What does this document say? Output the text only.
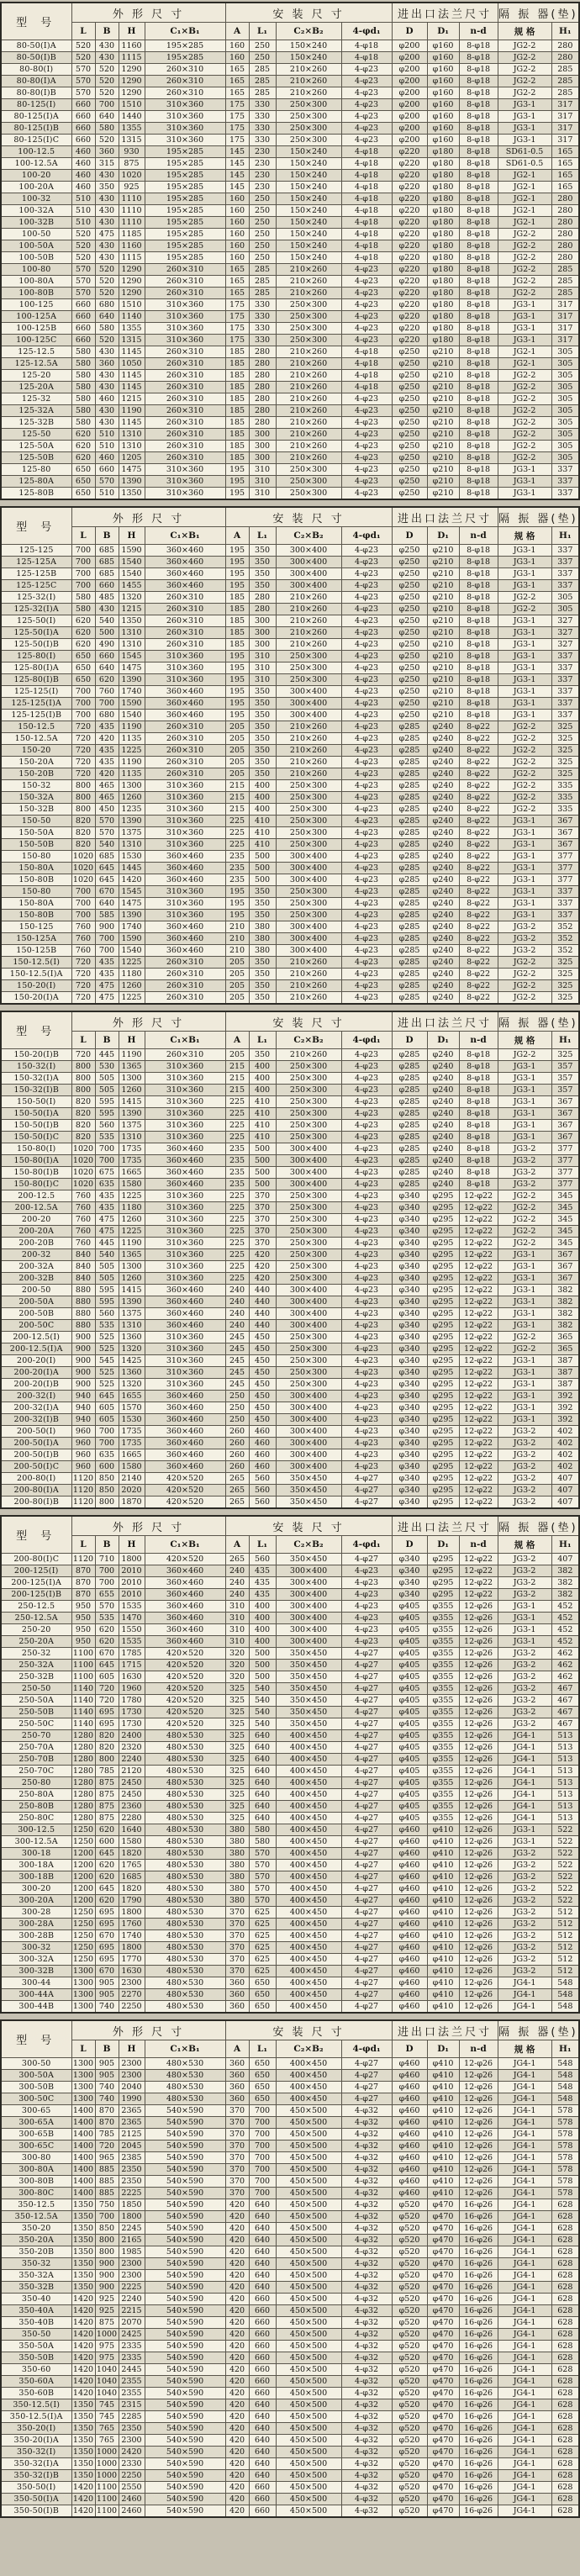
型 号	外 形 尺 寸				安 装 尺 寸				进出口法兰尺寸			隔 振 器(垫)	
	L	B	H	C₁×B₁	A	L₁	C₂×B₂	4-φd₁	D	D₁	n-d	规 格	H₁
80-50(I)A	520	430	1160	195×285	160	250	150×240	4-φ18	φ200	φ160	8-φ18	JG2-2	280
80-50(I)B	520	430	1115	195×285	160	250	150×240	4-φ18	φ200	φ160	8-φ18	JG2-2	280
80-80(I)	570	520	1290	260×310	165	285	210×260	4-φ23	φ200	φ160	8-φ18	JG2-2	285
80-80(I)A	570	520	1290	260×310	165	285	210×260	4-φ23	φ200	φ160	8-φ18	JG2-2	285
80-80(I)B	570	520	1290	260×310	165	285	210×260	4-φ23	φ200	φ160	8-φ18	JG2-2	285
80-125(I)	660	700	1510	310×360	175	330	250×300	4-φ23	φ200	φ160	8-φ18	JG3-1	317
80-125(I)A	660	640	1440	310×360	175	330	250×300	4-φ23	φ200	φ160	8-φ18	JG3-1	317
80-125(I)B	660	580	1355	310×360	175	330	250×300	4-φ23	φ200	φ160	8-φ18	JG3-1	317
80-125(I)C	660	520	1315	310×360	175	330	250×300	4-φ23	φ200	φ160	8-φ18	JG3-1	317
100-12.5	460	360	930	195×285	145	230	150×240	4-φ18	φ220	φ180	8-φ18	SD61-0.5	165
100-12.5A	460	315	875	195×285	145	230	150×240	4-φ18	φ220	φ180	8-φ18	SD61-0.5	165
100-20	460	430	1020	195×285	145	230	150×240	4-φ18	φ220	φ180	8-φ18	JG2-1	165
100-20A	460	350	925	195×285	145	230	150×240	4-φ18	φ220	φ180	8-φ18	JG2-1	165
100-32	510	430	1110	195×285	160	250	150×240	4-φ18	φ220	φ180	8-φ18	JG2-1	280
100-32A	510	430	1110	195×285	160	250	150×240	4-φ18	φ220	φ180	8-φ18	JG2-1	280
100-32B	510	430	1110	195×285	160	250	150×240	4-φ18	φ220	φ180	8-φ18	JG2-1	280
100-50	520	475	1185	195×285	160	250	150×240	4-φ18	φ220	φ180	8-φ18	JG2-2	280
100-50A	520	430	1160	195×285	160	250	150×240	4-φ18	φ220	φ180	8-φ18	JG2-2	280
100-50B	520	430	1115	195×285	160	250	150×240	4-φ18	φ220	φ180	8-φ18	JG2-2	280
100-80	570	520	1290	260×310	165	285	210×260	4-φ23	φ220	φ180	8-φ18	JG2-2	285
100-80A	570	520	1290	260×310	165	285	210×260	4-φ23	φ220	φ180	8-φ18	JG2-2	285
100-80B	570	520	1290	260×310	165	285	210×260	4-φ23	φ220	φ180	8-φ18	JG2-2	285
100-125	660	680	1510	310×360	175	330	250×300	4-φ23	φ220	φ180	8-φ18	JG3-1	317
100-125A	660	640	1140	310×360	175	330	250×300	4-φ23	φ220	φ180	8-φ18	JG3-1	317
100-125B	660	580	1355	310×360	175	330	250×300	4-φ23	φ220	φ180	8-φ18	JG3-1	317
100-125C	660	520	1315	310×360	175	330	250×300	4-φ23	φ220	φ180	8-φ18	JG3-1	317
125-12.5	580	430	1145	260×310	185	280	210×260	4-φ18	φ250	φ210	8-φ18	JG2-1	305
125-12.5A	580	360	1050	260×310	185	280	210×260	4-φ18	φ250	φ210	8-φ18	JG2-1	305
125-20	580	430	1145	260×310	185	280	210×260	4-φ18	φ250	φ210	8-φ18	JG2-2	305
125-20A	580	430	1145	260×310	185	280	210×260	4-φ18	φ250	φ210	8-φ18	JG2-2	305
125-32	580	460	1215	260×310	185	280	210×260	4-φ23	φ250	φ210	8-φ18	JG2-2	305
125-32A	580	430	1190	260×310	185	280	210×260	4-φ23	φ250	φ210	8-φ18	JG2-2	305
125-32B	580	430	1145	260×310	185	280	210×260	4-φ23	φ250	φ210	8-φ18	JG2-2	305
125-50	620	510	1310	260×310	185	300	210×260	4-φ23	φ250	φ210	8-φ18	JG2-2	305
125-50A	620	510	1310	260×310	185	300	210×260	4-φ23	φ250	φ210	8-φ18	JG2-2	305
125-50B	620	460	1205	260×310	185	300	210×260	4-φ23	φ250	φ210	8-φ18	JG2-2	305
125-80	650	660	1475	310×360	195	310	250×300	4-φ23	φ250	φ210	8-φ18	JG3-1	337
125-80A	650	570	1390	310×360	195	310	250×300	4-φ23	φ250	φ210	8-φ18	JG3-1	337
125-80B	650	510	1350	310×360	195	310	250×300	4-φ23	φ250	φ210	8-φ18	JG3-1	337
型 号	外 形 尺 寸				安 装 尺 寸				进出口法兰尺寸			隔 振 器(垫)	
	L	B	H	C₁×B₁	A	L₁	C₂×B₂	4-φd₁	D	D₁	n-d	规 格	H₁
125-125	700	685	1590	360×460	195	350	300×400	4-φ23	φ250	φ210	8-φ18	JG3-1	337
125-125A	700	685	1540	360×460	195	350	300×400	4-φ23	φ250	φ210	8-φ18	JG3-1	337
125-125B	700	685	1540	360×460	195	350	300×400	4-φ23	φ250	φ210	8-φ18	JG3-1	337
125-125C	700	660	1455	360×460	195	350	300×400	4-φ23	φ250	φ210	8-φ18	JG3-1	337
125-32(I)	580	485	1320	260×310	185	280	210×260	4-φ23	φ250	φ210	8-φ18	JG2-2	305
125-32(I)A	580	430	1215	260×310	185	280	210×260	4-φ23	φ250	φ210	8-φ18	JG2-2	305
125-50(I)	620	540	1350	260×310	185	300	210×260	4-φ23	φ250	φ210	8-φ18	JG3-1	327
125-50(I)A	620	500	1310	260×310	185	300	210×260	4-φ23	φ250	φ210	8-φ18	JG3-1	327
125-50(I)B	620	490	1310	260×310	185	300	210×260	4-φ23	φ250	φ210	8-φ18	JG3-1	327
125-80(I)	650	660	1545	310×360	195	310	250×300	4-φ23	φ250	φ210	8-φ18	JG3-1	337
125-80(I)A	650	640	1475	310×360	195	310	250×300	4-φ23	φ250	φ210	8-φ18	JG3-1	337
125-80(I)B	650	620	1390	310×360	195	310	250×300	4-φ23	φ250	φ210	8-φ18	JG3-1	337
125-125(I)	700	760	1740	360×460	195	350	300×400	4-φ23	φ250	φ210	8-φ18	JG3-1	337
125-125(I)A	700	700	1590	360×460	195	350	300×400	4-φ23	φ250	φ210	8-φ18	JG3-1	337
125-125(I)B	700	680	1540	360×460	195	350	300×400	4-φ23	φ250	φ210	8-φ18	JG3-1	337
150-12.5	720	435	1190	260×310	205	350	210×260	4-φ23	φ285	φ240	8-φ22	JG2-2	325
150-12.5A	720	420	1135	260×310	205	350	210×260	4-φ23	φ285	φ240	8-φ22	JG2-2	325
150-20	720	435	1225	260×310	205	350	210×260	4-φ23	φ285	φ240	8-φ22	JG2-2	325
150-20A	720	435	1190	260×310	205	350	210×260	4-φ23	φ285	φ240	8-φ22	JG2-2	325
150-20B	720	420	1135	260×310	205	350	210×260	4-φ23	φ285	φ240	8-φ22	JG2-2	325
150-32	800	465	1300	310×360	215	400	250×300	4-φ23	φ285	φ240	8-φ22	JG2-2	335
150-32A	800	465	1260	310×360	215	400	250×300	4-φ23	φ285	φ240	8-φ22	JG2-2	335
150-32B	800	450	1235	310×360	215	400	250×300	4-φ23	φ285	φ240	8-φ22	JG2-2	335
150-50	820	570	1390	310×360	225	410	250×300	4-φ23	φ285	φ240	8-φ22	JG3-1	367
150-50A	820	570	1375	310×360	225	410	250×300	4-φ23	φ285	φ240	8-φ22	JG3-1	367
150-50B	820	540	1310	310×360	225	410	250×300	4-φ23	φ285	φ240	8-φ22	JG3-1	367
150-80	1020	685	1530	360×460	235	500	300×400	4-φ23	φ285	φ240	8-φ22	JG3-1	377
150-80A	1020	645	1445	360×460	235	500	300×400	4-φ23	φ285	φ240	8-φ22	JG3-1	377
150-80B	1020	645	1420	360×460	235	500	300×400	4-φ23	φ285	φ240	8-φ22	JG3-1	377
150-80	700	670	1545	310×360	195	350	250×300	4-φ23	φ285	φ240	8-φ22	JG3-1	337
150-80A	700	640	1475	310×360	195	350	250×300	4-φ23	φ285	φ240	8-φ22	JG3-1	337
150-80B	700	585	1390	310×360	195	350	250×300	4-φ23	φ285	φ240	8-φ22	JG3-1	337
150-125	760	900	1740	360×460	210	380	300×400	4-φ23	φ285	φ240	8-φ22	JG3-2	352
150-125A	760	700	1590	360×460	210	380	300×400	4-φ23	φ285	φ240	8-φ22	JG3-2	352
150-125B	760	700	1540	360×460	210	380	300×400	4-φ23	φ285	φ240	8-φ22	JG3-2	352
150-12.5(I)	720	435	1225	260×310	205	350	210×260	4-φ23	φ285	φ240	8-φ22	JG2-2	325
150-12.5(I)A	720	435	1180	260×310	205	350	210×260	4-φ23	φ285	φ240	8-φ22	JG2-2	325
150-20(I)	720	475	1260	260×310	205	350	210×260	4-φ23	φ285	φ240	8-φ22	JG2-2	325
150-20(I)A	720	475	1225	260×310	205	350	210×260	4-φ23	φ285	φ240	8-φ22	JG2-2	325
型 号	外 形 尺 寸				安 装 尺 寸				进出口法兰尺寸			隔 振 器(垫)	
	L	B	H	C₁×B₁	A	L₁	C₂×B₂	4-φd₁	D	D₁	n-d	规 格	H₁
150-20(I)B	720	445	1190	260×310	205	350	210×260	4-φ23	φ285	φ240	8-φ18	JG2-2	325
150-32(I)	800	530	1365	310×360	215	400	250×300	4-φ23	φ285	φ240	8-φ18	JG3-1	357
150-32(I)A	800	505	1300	310×360	215	400	250×300	4-φ23	φ285	φ240	8-φ18	JG3-1	357
150-32(I)B	800	505	1260	310×360	215	400	250×300	4-φ23	φ285	φ240	8-φ18	JG3-1	357
150-50(I)	820	595	1415	310×360	225	410	250×300	4-φ23	φ285	φ240	8-φ18	JG3-1	367
150-50(I)A	820	595	1390	310×360	225	410	250×300	4-φ23	φ285	φ240	8-φ18	JG3-1	367
150-50(I)B	820	560	1375	310×360	225	410	250×300	4-φ23	φ285	φ240	8-φ18	JG3-1	367
150-50(I)C	820	535	1310	310×360	225	410	250×300	4-φ23	φ285	φ240	8-φ18	JG3-1	367
150-80(I)	1020	700	1735	360×460	235	500	300×400	4-φ23	φ285	φ240	8-φ18	JG3-2	377
150-80(I)A	1020	700	1735	360×460	235	500	300×400	4-φ23	φ285	φ240	8-φ18	JG3-2	377
150-80(I)B	1020	675	1665	360×460	235	500	300×400	4-φ23	φ285	φ240	8-φ18	JG3-2	377
150-80(I)C	1020	635	1580	360×460	235	500	300×400	4-φ23	φ285	φ240	8-φ18	JG3-2	377
200-12.5	760	435	1225	310×360	225	370	250×300	4-φ23	φ340	φ295	12-φ22	JG2-2	345
200-12.5A	760	435	1180	310×360	225	370	250×300	4-φ23	φ340	φ295	12-φ22	JG2-2	345
200-20	760	475	1260	310×360	225	370	250×300	4-φ23	φ340	φ295	12-φ22	JG2-2	345
200-20A	760	475	1225	310×360	225	370	250×300	4-φ23	φ340	φ295	12-φ22	JG2-2	345
200-20B	760	445	1190	310×360	225	370	250×300	4-φ23	φ340	φ295	12-φ22	JG2-2	345
200-32	840	540	1365	310×360	225	420	250×300	4-φ23	φ340	φ295	12-φ22	JG3-1	367
200-32A	840	505	1300	310×360	225	420	250×300	4-φ23	φ340	φ295	12-φ22	JG3-1	367
200-32B	840	505	1260	310×360	225	420	250×300	4-φ23	φ340	φ295	12-φ22	JG3-1	367
200-50	880	595	1415	360×460	240	440	300×400	4-φ23	φ340	φ295	12-φ22	JG3-1	382
200-50A	880	595	1390	360×460	240	440	300×400	4-φ23	φ340	φ295	12-φ22	JG3-1	382
200-50B	880	560	1375	360×460	240	440	300×400	4-φ23	φ340	φ295	12-φ22	JG3-1	382
200-50C	880	535	1310	360×460	240	440	300×400	4-φ23	φ340	φ295	12-φ22	JG3-1	382
200-12.5(I)	900	525	1360	310×360	245	450	250×300	4-φ23	φ340	φ295	12-φ22	JG2-2	365
200-12.5(I)A	900	525	1320	310×360	245	450	250×300	4-φ23	φ340	φ295	12-φ22	JG2-2	365
200-20(I)	900	545	1425	310×360	245	450	250×300	4-φ23	φ340	φ295	12-φ22	JG3-1	387
200-20(I)A	900	525	1360	310×360	245	450	250×300	4-φ23	φ340	φ295	12-φ22	JG3-1	387
200-20(I)B	900	525	1320	310×360	245	450	250×300	4-φ23	φ340	φ295	12-φ22	JG3-1	387
200-32(I)	940	645	1655	360×460	250	450	300×400	4-φ23	φ340	φ295	12-φ22	JG3-1	392
200-32(I)A	940	605	1570	360×460	250	450	300×400	4-φ23	φ340	φ295	12-φ22	JG3-1	392
200-32(I)B	940	605	1530	360×460	250	450	300×400	4-φ23	φ340	φ295	12-φ22	JG3-1	392
200-50(I)	960	700	1735	360×460	260	460	300×400	4-φ23	φ340	φ295	12-φ22	JG3-2	402
200-50(I)A	960	700	1735	360×460	260	460	300×400	4-φ23	φ340	φ295	12-φ22	JG3-2	402
200-50(I)B	960	635	1665	360×460	260	460	300×400	4-φ23	φ340	φ295	12-φ22	JG3-2	402
200-50(I)C	960	600	1580	360×460	260	460	300×400	4-φ23	φ340	φ295	12-φ22	JG3-2	402
200-80(I)	1120	850	2140	420×520	265	560	350×450	4-φ27	φ340	φ295	12-φ22	JG3-2	407
200-80(I)A	1120	850	2020	420×520	265	560	350×450	4-φ27	φ340	φ295	12-φ22	JG3-2	407
200-80(I)B	1120	800	1870	420×520	265	560	350×450	4-φ27	φ340	φ295	12-φ22	JG3-2	407
型 号	外 形 尺 寸				安 装 尺 寸				进出口法兰尺寸			隔 振 器(垫)	
	L	B	H	C₁×B₁	A	L₁	C₂×B₂	4-φd₁	D	D₁	n-d	规 格	H₁
200-80(I)C	1120	710	1800	420×520	265	560	350×450	4-φ27	φ340	φ295	12-φ22	JG3-2	407
200-125(I)	870	700	2010	360×460	240	435	300×400	4-φ23	φ340	φ295	12-φ22	JG3-2	382
200-125(I)A	870	700	2010	360×460	240	435	300×400	4-φ23	φ340	φ295	12-φ22	JG3-2	382
200-125(I)B	870	655	2010	360×460	240	435	300×400	4-φ23	φ340	φ295	12-φ22	JG3-2	382
250-12.5	950	570	1535	360×460	310	400	300×400	4-φ23	φ405	φ355	12-φ26	JG3-1	452
250-12.5A	950	535	1470	360×460	310	400	300×400	4-φ23	φ405	φ355	12-φ26	JG3-1	452
250-20	950	620	1550	360×460	310	400	300×400	4-φ23	φ405	φ355	12-φ26	JG3-1	452
250-20A	950	620	1535	360×460	310	400	300×400	4-φ23	φ405	φ355	12-φ26	JG3-1	452
250-32	1100	670	1785	420×520	320	500	350×450	4-φ27	φ405	φ355	12-φ26	JG3-2	462
250-32A	1100	645	1715	420×520	320	500	350×450	4-φ27	φ405	φ355	12-φ26	JG3-2	462
250-32B	1100	605	1630	420×520	320	500	350×450	4-φ27	φ405	φ355	12-φ26	JG3-2	462
250-50	1140	720	1960	420×520	325	540	350×450	4-φ27	φ405	φ355	12-φ26	JG3-2	467
250-50A	1140	720	1780	420×520	325	540	350×450	4-φ27	φ405	φ355	12-φ26	JG3-2	467
250-50B	1140	695	1730	420×520	325	540	350×450	4-φ27	φ405	φ355	12-φ26	JG3-2	467
250-50C	1140	695	1730	420×520	325	540	350×450	4-φ27	φ405	φ355	12-φ26	JG3-2	467
250-70	1280	820	2400	480×530	325	640	400×450	4-φ27	φ405	φ355	12-φ26	JG4-1	513
250-70A	1280	820	2320	480×530	325	640	400×450	4-φ27	φ405	φ355	12-φ26	JG4-1	513
250-70B	1280	800	2240	480×530	325	640	400×450	4-φ27	φ405	φ355	12-φ26	JG4-1	513
250-70C	1280	785	2120	480×530	325	640	400×450	4-φ27	φ405	φ355	12-φ26	JG4-1	513
250-80	1280	875	2450	480×530	325	640	400×450	4-φ27	φ405	φ355	12-φ26	JG4-1	513
250-80A	1280	875	2450	480×530	325	640	400×450	4-φ27	φ405	φ355	12-φ26	JG4-1	513
250-80B	1280	875	2360	480×530	325	640	400×450	4-φ27	φ405	φ355	12-φ26	JG4-1	513
250-80C	1280	875	2280	480×530	325	640	400×450	4-φ27	φ405	φ355	12-φ26	JG4-1	513
300-12.5	1250	620	1640	480×530	380	580	400×450	4-φ27	φ460	φ410	12-φ26	JG3-1	522
300-12.5A	1250	600	1580	480×530	380	580	400×450	4-φ27	φ460	φ410	12-φ26	JG3-1	522
300-18	1200	645	1820	480×530	380	570	400×450	4-φ27	φ460	φ410	12-φ26	JG3-2	522
300-18A	1200	620	1765	480×530	380	570	400×450	4-φ27	φ460	φ410	12-φ26	JG3-2	522
300-18B	1200	620	1685	480×530	380	570	400×450	4-φ27	φ460	φ410	12-φ26	JG3-2	522
300-20	1200	645	1820	480×530	380	570	400×450	4-φ27	φ460	φ410	12-φ26	JG3-2	522
300-20A	1200	620	1790	480×530	380	570	400×450	4-φ27	φ460	φ410	12-φ26	JG3-2	522
300-28	1250	695	1800	480×530	370	625	400×450	4-φ27	φ460	φ410	12-φ26	JG3-2	512
300-28A	1250	695	1760	480×530	370	625	400×450	4-φ27	φ460	φ410	12-φ26	JG3-2	512
300-28B	1250	670	1740	480×530	370	625	400×450	4-φ27	φ460	φ410	12-φ26	JG3-2	512
300-32	1250	695	1800	480×530	370	625	400×450	4-φ27	φ460	φ410	12-φ26	JG3-2	512
300-32A	1250	695	1770	480×530	370	625	400×450	4-φ27	φ460	φ410	12-φ26	JG3-2	512
300-32B	1300	670	1630	480×530	370	625	400×450	4-φ27	φ460	φ410	12-φ26	JG3-2	512
300-44	1300	905	2300	480×530	360	650	400×450	4-φ27	φ460	φ410	12-φ26	JG4-1	548
300-44A	1300	905	2270	480×530	360	650	400×450	4-φ27	φ460	φ410	12-φ26	JG4-1	548
300-44B	1300	740	2250	480×530	360	650	400×450	4-φ27	φ460	φ410	12-φ26	JG4-1	548
型 号	外 形 尺 寸				安 装 尺 寸				进出口法兰尺寸			隔 振 器(垫)	
	L	B	H	C₁×B₁	A	L₁	C₂×B₂	4-φd₁	D	D₁	n-d	规 格	H₁
300-50	1300	905	2300	480×530	360	650	400×450	4-φ27	φ460	φ410	12-φ26	JG4-1	548
300-50A	1300	905	2300	480×530	360	650	400×450	4-φ27	φ460	φ410	12-φ26	JG4-1	548
300-50B	1300	740	2040	480×530	360	650	400×450	4-φ27	φ460	φ410	12-φ26	JG4-1	548
300-50C	1300	740	1990	480×530	360	650	400×450	4-φ27	φ460	φ410	12-φ26	JG4-1	548
300-65	1400	870	2365	540×590	370	700	450×500	4-φ32	φ460	φ410	12-φ26	JG4-1	578
300-65A	1400	870	2365	540×590	370	700	450×500	4-φ32	φ460	φ410	12-φ26	JG4-1	578
300-65B	1400	785	2125	540×590	370	700	450×500	4-φ32	φ460	φ410	12-φ26	JG4-1	578
300-65C	1400	720	2045	540×590	370	700	450×500	4-φ32	φ460	φ410	12-φ26	JG4-1	578
300-80	1400	965	2385	540×590	370	700	450×500	4-φ32	φ460	φ410	12-φ26	JG4-1	578
300-80A	1400	885	2350	540×590	370	700	450×500	4-φ32	φ460	φ410	12-φ26	JG4-1	578
300-80B	1400	885	2350	540×590	370	700	450×500	4-φ32	φ460	φ410	12-φ26	JG4-1	578
300-80C	1400	885	2225	540×590	370	700	450×500	4-φ32	φ460	φ410	12-φ26	JG4-1	578
350-12.5	1350	750	1850	540×590	420	640	450×500	4-φ32	φ520	φ470	16-φ26	JG4-1	628
350-12.5A	1350	700	1800	540×590	420	640	450×500	4-φ32	φ520	φ470	16-φ26	JG4-1	628
350-20	1350	850	2245	540×590	420	640	450×500	4-φ32	φ520	φ470	16-φ26	JG4-1	628
350-20A	1350	800	2165	540×590	420	640	450×500	4-φ32	φ520	φ470	16-φ26	JG4-1	628
350-20B	1350	800	1985	540×590	420	640	450×500	4-φ32	φ520	φ470	16-φ26	JG4-1	628
350-32	1350	900	2300	540×590	420	640	450×500	4-φ32	φ520	φ470	16-φ26	JG4-1	628
350-32A	1350	900	2300	540×590	420	640	450×500	4-φ32	φ520	φ470	16-φ26	JG4-1	628
350-32B	1350	900	2225	540×590	420	640	450×500	4-φ32	φ520	φ470	16-φ26	JG4-1	628
350-40	1420	925	2240	540×590	420	660	450×500	4-φ32	φ520	φ470	16-φ26	JG4-1	628
350-40A	1420	925	2215	540×590	420	660	450×500	4-φ32	φ520	φ470	16-φ26	JG4-1	628
350-40B	1420	875	2070	540×590	420	660	450×500	4-φ32	φ520	φ470	16-φ26	JG4-1	628
350-50	1420	1000	2425	540×590	420	660	450×500	4-φ32	φ520	φ470	16-φ26	JG4-1	628
350-50A	1420	975	2335	540×590	420	660	450×500	4-φ32	φ520	φ470	16-φ26	JG4-1	628
350-50B	1420	975	2335	540×590	420	660	450×500	4-φ32	φ520	φ470	16-φ26	JG4-1	628
350-60	1420	1040	2445	540×590	420	660	450×500	4-φ32	φ520	φ470	16-φ26	JG4-1	628
350-60A	1420	1040	2355	540×590	420	660	450×500	4-φ32	φ520	φ470	16-φ26	JG4-1	628
350-60B	1420	1040	2355	540×590	420	660	450×500	4-φ32	φ520	φ470	16-φ26	JG4-1	628
350-12.5(I)	1350	745	2315	540×590	420	640	450×500	4-φ32	φ520	φ470	16-φ26	JG4-1	628
350-12.5(I)A	1350	745	2285	540×590	420	640	450×500	4-φ32	φ520	φ470	16-φ26	JG4-1	628
350-20(I)	1350	765	2350	540×590	420	640	450×500	4-φ32	φ520	φ470	16-φ26	JG4-1	628
350-20(I)A	1350	765	2300	540×590	420	640	450×500	4-φ32	φ520	φ470	16-φ26	JG4-1	628
350-32(I)	1350	1000	2420	540×590	420	640	450×500	4-φ32	φ520	φ470	16-φ26	JG4-1	628
350-32(I)A	1350	1000	2330	540×590	420	640	450×500	4-φ32	φ520	φ470	16-φ26	JG4-1	628
350-32(I)B	1350	1000	2250	540×590	420	640	450×500	4-φ32	φ520	φ470	16-φ26	JG4-1	628
350-50(I)	1420	1100	2550	540×590	420	660	450×500	4-φ32	φ520	φ470	16-φ26	JG4-1	628
350-50(I)A	1420	1100	2460	540×590	420	660	450×500	4-φ32	φ520	φ470	16-φ26	JG4-1	628
350-50(I)B	1420	1100	2460	540×590	420	660	450×500	4-φ32	φ520	φ470	16-φ26	JG4-1	628
